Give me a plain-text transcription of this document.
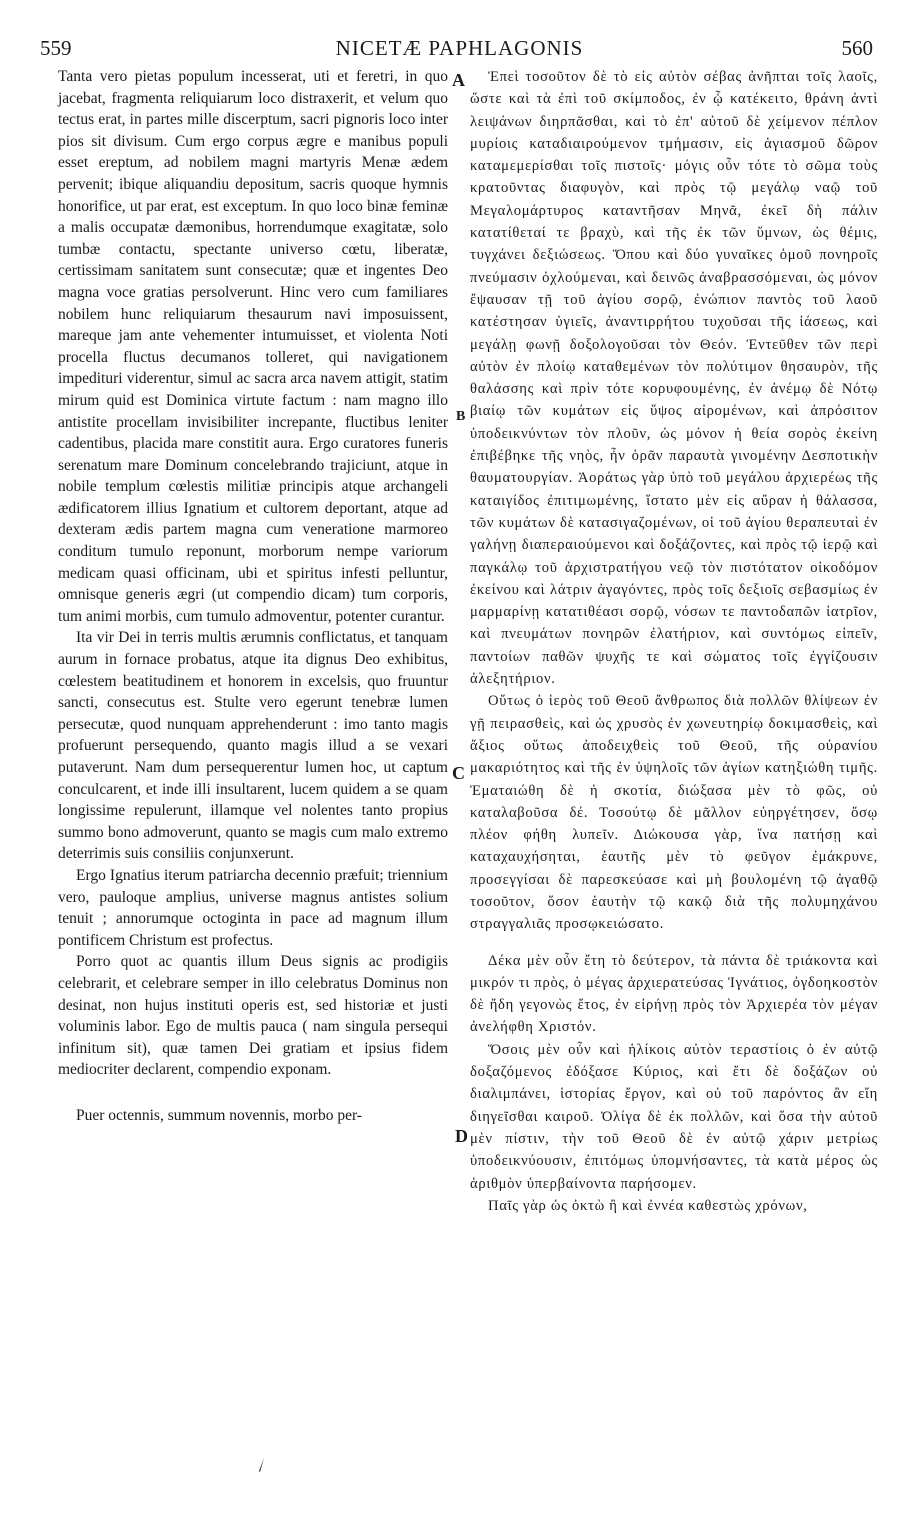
559	NICETÆ PAPHLAGONIS	560

Tanta vero pietas populum incesserat, uti et feretri, in quo jacebat, fragmenta reliquiarum loco distraxerit, et velum quo tectus erat, in partes mille discerptum, sacri pignoris loco inter pios sit divisum. Cum ergo corpus ægre e manibus populi esset ereptum, ad nobilem magni martyris Menæ ædem pervenit; ibique aliquandiu depositum, sacris quoque hymnis honorifice, ut par erat, est exceptum. In quo loco binæ feminæ a malis occupatæ dæmonibus, horrendumque exagitatæ, solo tumbæ contactu, spectante universo cœtu, liberatæ, certissimam sanitatem sunt consecutæ; quæ et ingentes Deo magna voce gratias persolverunt. Hinc vero cum familiares nobilem hunc reliquiarum thesaurum navi imposuissent, mareque jam ante vehementer intumuisset, et violenta Noti procella fluctus decumanos tolleret, qui navigationem impedituri viderentur, simul ac sacra arca navem attigit, statim mirum quid est Dominica virtute factum : nam magno illo antistite procellam invisibiliter increpante, fluctibus leniter cadentibus, placida mare constitit aura. Ergo curatores funeris serenatum mare Dominum concelebrando trajiciunt, atque in nobile templum cœlestis militiæ principis atque archangeli ædificatorem illius Ignatium et cultorem deportant, atque ad dexteram ædis partem magna cum veneratione marmoreo conditum tumulo reponunt, morborum nempe variorum medicam quasi officinam, ubi et spiritus infesti pelluntur, omnisque generis ægri (ut compendio dicam) tum corporis, tum animi morbis, cum tumulo admoventur, potenter curantur.

Ita vir Dei in terris multis ærumnis conflictatus, et tanquam aurum in fornace probatus, atque ita dignus Deo exhibitus, cœlestem beatitudinem et honorem in excelsis, quo fruuntur sancti, consecutus est. Stulte vero egerunt tenebræ lumen persecutæ, quod nunquam apprehenderunt : imo tanto magis profuerunt persequendo, quanto magis illud a se vexari putaverunt. Nam dum persequerentur lumen hoc, ut captum conculcarent, et inde illi insultarent, lucem quidem a se quam longissime repulerunt, illamque vel nolentes tanto propius summo bono admoverunt, quanto se magis cum malo extremo deterrimis suis consiliis conjunxerunt.

Ergo Ignatius iterum patriarcha decennio præfuit; triennium vero, pauloque amplius, universe magnus antistes solium tenuit ; annorumque octoginta in pace ad magnum illum pontificem Christum est profectus.

Porro quot ac quantis illum Deus signis ac prodigiis celebrarit, et celebrare semper in illo celebratus Dominus non desinat, non hujus instituti operis est, sed historiæ et justi voluminis labor. Ego de multis pauca ( nam singula persequi infinitum sit), quæ tamen Dei gratiam et ipsius fidem mediocriter declarent, compendio exponam.

Puer octennis, summum novennis, morbo per-

Ἐπεὶ τοσοῦτον δὲ τὸ εἰς αὐτὸν σέβας ἀνῆπται τοῖς λαοῖς, ὥστε καὶ τὰ ἐπὶ τοῦ σκίμποδος, ἐν ᾧ κατέκειτο, θράνη ἀντὶ λειψάνων διηρπᾶσθαι, καὶ τὸ ἐπ' αὐτοῦ δὲ χείμενον πέπλον μυρίοις καταδιαιρούμενον τμήμασιν, εἰς ἁγιασμοῦ δῶρον καταμεμερίσθαι τοῖς πιστοῖς· μόγις οὖν τότε τὸ σῶμα τοὺς κρατοῦντας διαφυγὸν, καὶ πρὸς τῷ μεγάλῳ ναῷ τοῦ Μεγαλομάρτυρος καταντῆσαν Μηνᾶ, ἐκεῖ δὴ πάλιν κατατίθεταί τε βραχὺ, καὶ τῆς ἐκ τῶν ὕμνων, ὡς θέμις, τυγχάνει δεξιώσεως. Ὅπου καὶ δύο γυναῖκες ὁμοῦ πονηροῖς πνεύμασιν ὀχλούμεναι, καὶ δεινῶς ἀναβρασσόμεναι, ὡς μόνον ἔψαυσαν τῇ τοῦ ἁγίου σορῷ, ἐνώπιον παντὸς τοῦ λαοῦ κατέστησαν ὑγιεῖς, ἀναντιρρήτου τυχοῦσαι τῆς ἰάσεως, καὶ μεγάλῃ φωνῇ δοξολογοῦσαι τὸν Θεόν. Ἐντεῦθεν τῶν περὶ αὐτὸν ἐν πλοίῳ καταθεμένων τὸν πολύτιμον θησαυρὸν, τῆς θαλάσσης καὶ πρὶν τότε κορυφουμένης, ἐν ἀνέμῳ δὲ Νότῳ βιαίῳ τῶν κυμάτων εἰς ὕψος αἰρομένων, καὶ ἀπρόσιτον ὑποδεικνύντων τὸν πλοῦν, ὡς μόνον ἡ θεία σορὸς ἐκείνη ἐπιβέβηκε τῆς νηὸς, ἦν ὁρᾶν παραυτὰ γινομένην Δεσποτικὴν θαυματουργίαν. Ἀοράτως γὰρ ὑπὸ τοῦ μεγάλου ἀρχιερέως τῆς καταιγίδος ἐπιτιμωμένης, ἵστατο μὲν εἰς αὔραν ἡ θάλασσα, τῶν κυμάτων δὲ κατασιγαζομένων, οἱ τοῦ ἁγίου θεραπευταὶ ἐν γαλήνῃ διαπεραιούμενοι καὶ δοξάζοντες, καὶ πρὸς τῷ ἱερῷ καὶ παγκάλῳ τοῦ ἀρχιστρατήγου νεῷ τὸν πιστότατον οἰκοδόμον ἐκείνου καὶ λάτριν ἀγαγόντες, πρὸς τοῖς δεξιοῖς σεβασμίως ἐν μαρμαρίνῃ κατατιθέασι σορῷ, νόσων τε παντοδαπῶν ἰατρῖον, καὶ πνευμάτων πονηρῶν ἐλατήριον, καὶ συντόμως εἰπεῖν, παντοίων παθῶν ψυχῆς τε καὶ σώματος τοῖς ἐγγίζουσιν ἀλεξητήριον.

Οὕτως ὁ ἱερὸς τοῦ Θεοῦ ἄνθρωπος διὰ πολλῶν θλίψεων ἐν γῇ πειρασθεὶς, καὶ ὡς χρυσὸς ἐν χωνευτηρίῳ δοκιμασθεὶς, καὶ ἄξιος οὕτως ἀποδειχθεὶς τοῦ Θεοῦ, τῆς οὐρανίου μακαριότητος καὶ τῆς ἐν ὑψηλοῖς τῶν ἁγίων κατηξιώθη τιμῆς. Ἐματαιώθη δὲ ἡ σκοτία, διώξασα μὲν τὸ φῶς, οὐ καταλαβοῦσα δέ. Τοσούτῳ δὲ μᾶλλον εὐηργέτησεν, ὅσῳ πλέον φήθη λυπεῖν. Διώκουσα γὰρ, ἵνα πατήσῃ καὶ καταχαυχήσηται, ἑαυτῆς μὲν τὸ φεῦγον ἐμάκρυνε, προσεγγίσαι δὲ παρεσκεύασε καὶ μὴ βουλομένη τῷ ἀγαθῷ τοσοῦτον, ὅσον ἑαυτὴν τῷ κακῷ διὰ τῆς πολυμηχάνου στραγγαλιᾶς προσῳκειώσατο.

Δέκα μὲν οὖν ἔτη τὸ δεύτερον, τὰ πάντα δὲ τριάκοντα καὶ μικρόν τι πρὸς, ὁ μέγας ἀρχιερατεύσας Ἰγνάτιος, ὀγδοηκοστὸν δὲ ἤδη γεγονὼς ἔτος, ἐν εἰρήνῃ πρὸς τὸν Ἀρχιερέα τὸν μέγαν ἀνελήφθη Χριστόν.

Ὅσοις μὲν οὖν καὶ ἡλίκοις αὐτὸν τεραστίοις ὁ ἐν αὐτῷ δοξαζόμενος ἐδόξασε Κύριος, καὶ ἔτι δὲ δοξάζων οὐ διαλιμπάνει, ἱστορίας ἔργον, καὶ οὐ τοῦ παρόντος ἂν εἴη διηγεῖσθαι καιροῦ. Ὀλίγα δὲ ἐκ πολλῶν, καὶ ὅσα τὴν αὐτοῦ μὲν πίστιν, τὴν τοῦ Θεοῦ δὲ ἐν αὐτῷ χάριν μετρίως ὑποδεικνύουσιν, ἐπιτόμως ὑπομνήσαντες, τὰ κατὰ μέρος ὡς ἀριθμὸν ὑπερβαίνοντα παρήσομεν.

Παῖς γὰρ ὡς ὀκτὼ ἢ καὶ ἐννέα καθεστὼς χρόνων,

A
B
C
D
